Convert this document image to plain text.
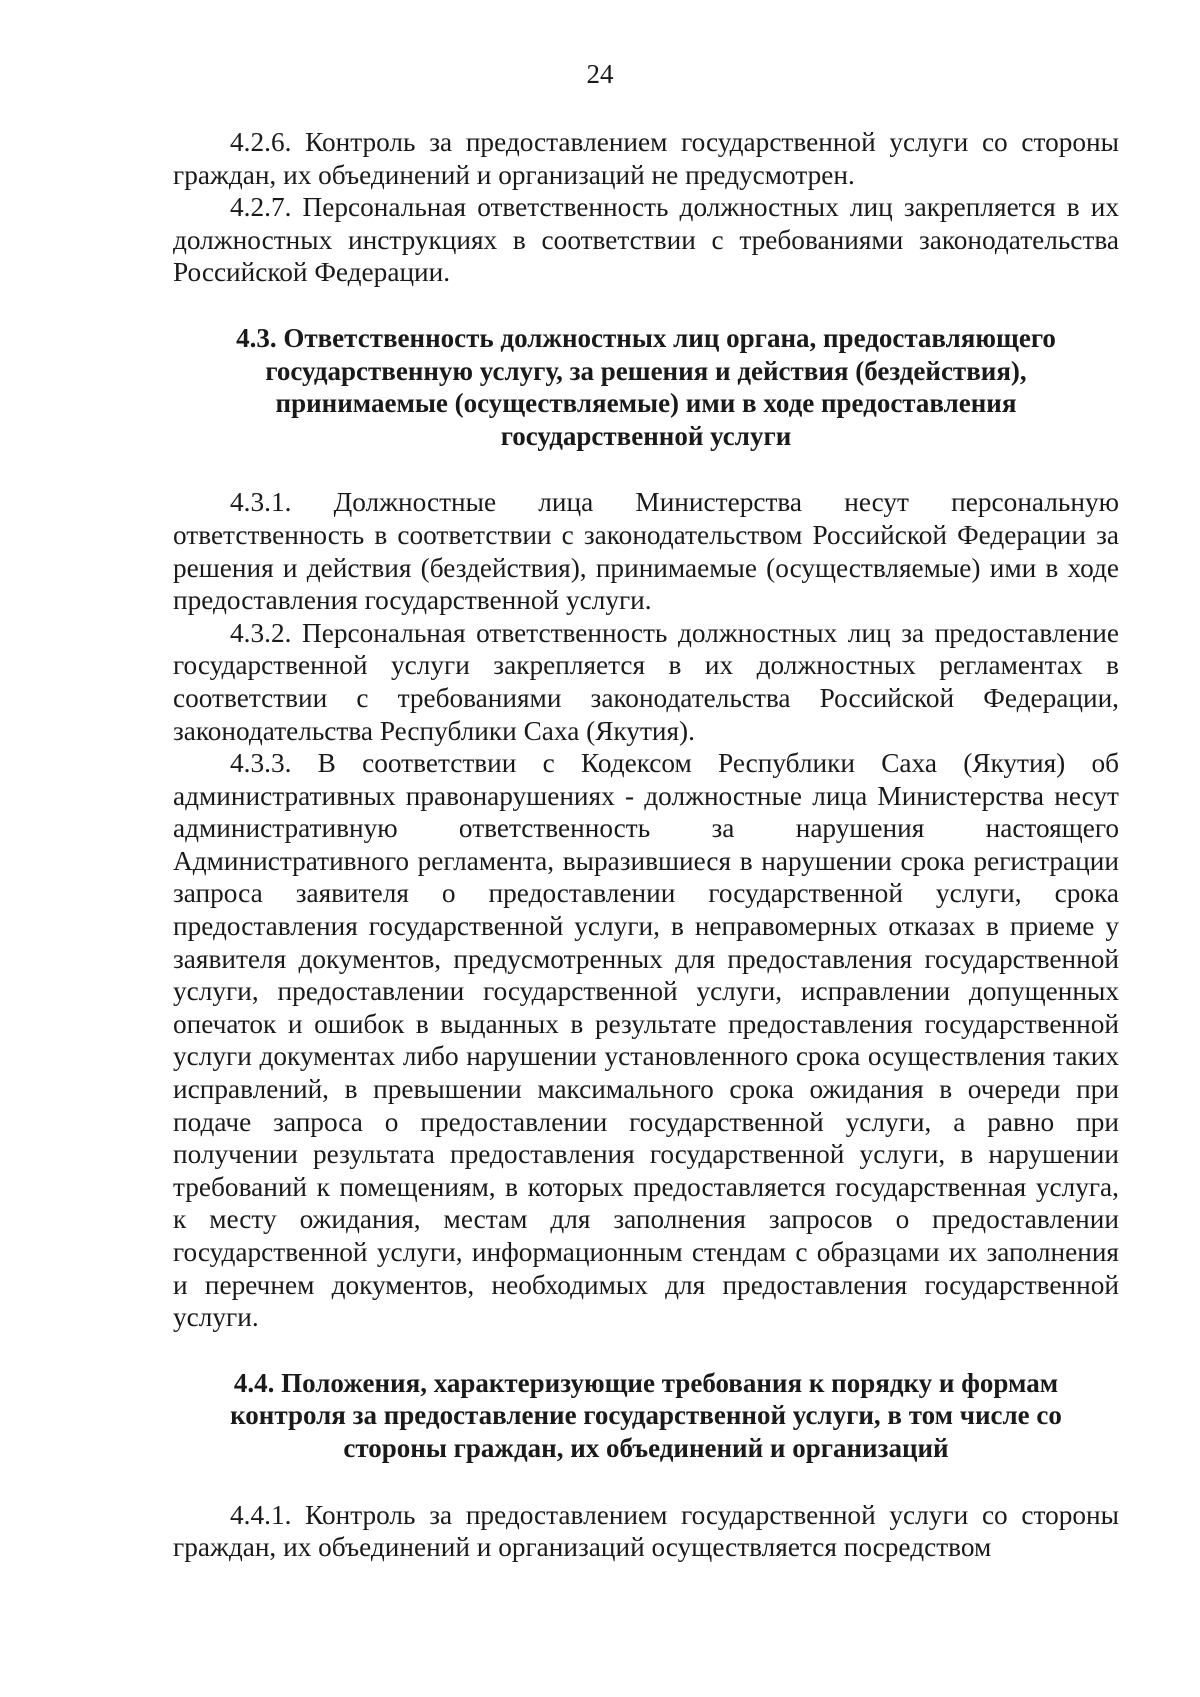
24

4.2.6. Контроль за предоставлением государственной услуги со стороны граждан, их объединений и организаций не предусмотрен.

4.2.7. Персональная ответственность должностных лиц закрепляется в их должностных инструкциях в соответствии с требованиями законодательства Российской Федерации.

4.3. Ответственность должностных лиц органа, предоставляющего государственную услугу, за решения и действия (бездействия), принимаемые (осуществляемые) ими в ходе предоставления государственной услуги

4.3.1. Должностные лица Министерства несут персональную ответственность в соответствии с законодательством Российской Федерации за решения и действия (бездействия), принимаемые (осуществляемые) ими в ходе предоставления государственной услуги.

4.3.2. Персональная ответственность должностных лиц за предоставление государственной услуги закрепляется в их должностных регламентах в соответствии с требованиями законодательства Российской Федерации, законодательства Республики Саха (Якутия).

4.3.3. В соответствии с Кодексом Республики Саха (Якутия) об административных правонарушениях - должностные лица Министерства несут административную ответственность за нарушения настоящего Административного регламента, выразившиеся в нарушении срока регистрации запроса заявителя о предоставлении государственной услуги, срока предоставления государственной услуги, в неправомерных отказах в приеме у заявителя документов, предусмотренных для предоставления государственной услуги, предоставлении государственной услуги, исправлении допущенных опечаток и ошибок в выданных в результате предоставления государственной услуги документах либо нарушении установленного срока осуществления таких исправлений, в превышении максимального срока ожидания в очереди при подаче запроса о предоставлении государственной услуги, а равно при получении результата предоставления государственной услуги, в нарушении требований к помещениям, в которых предоставляется государственная услуга, к месту ожидания, местам для заполнения запросов о предоставлении государственной услуги, информационным стендам с образцами их заполнения и перечнем документов, необходимых для предоставления государственной услуги.

4.4. Положения, характеризующие требования к порядку и формам контроля за предоставление государственной услуги, в том числе со стороны граждан, их объединений и организаций

4.4.1. Контроль за предоставлением государственной услуги со стороны граждан, их объединений и организаций осуществляется посредством
